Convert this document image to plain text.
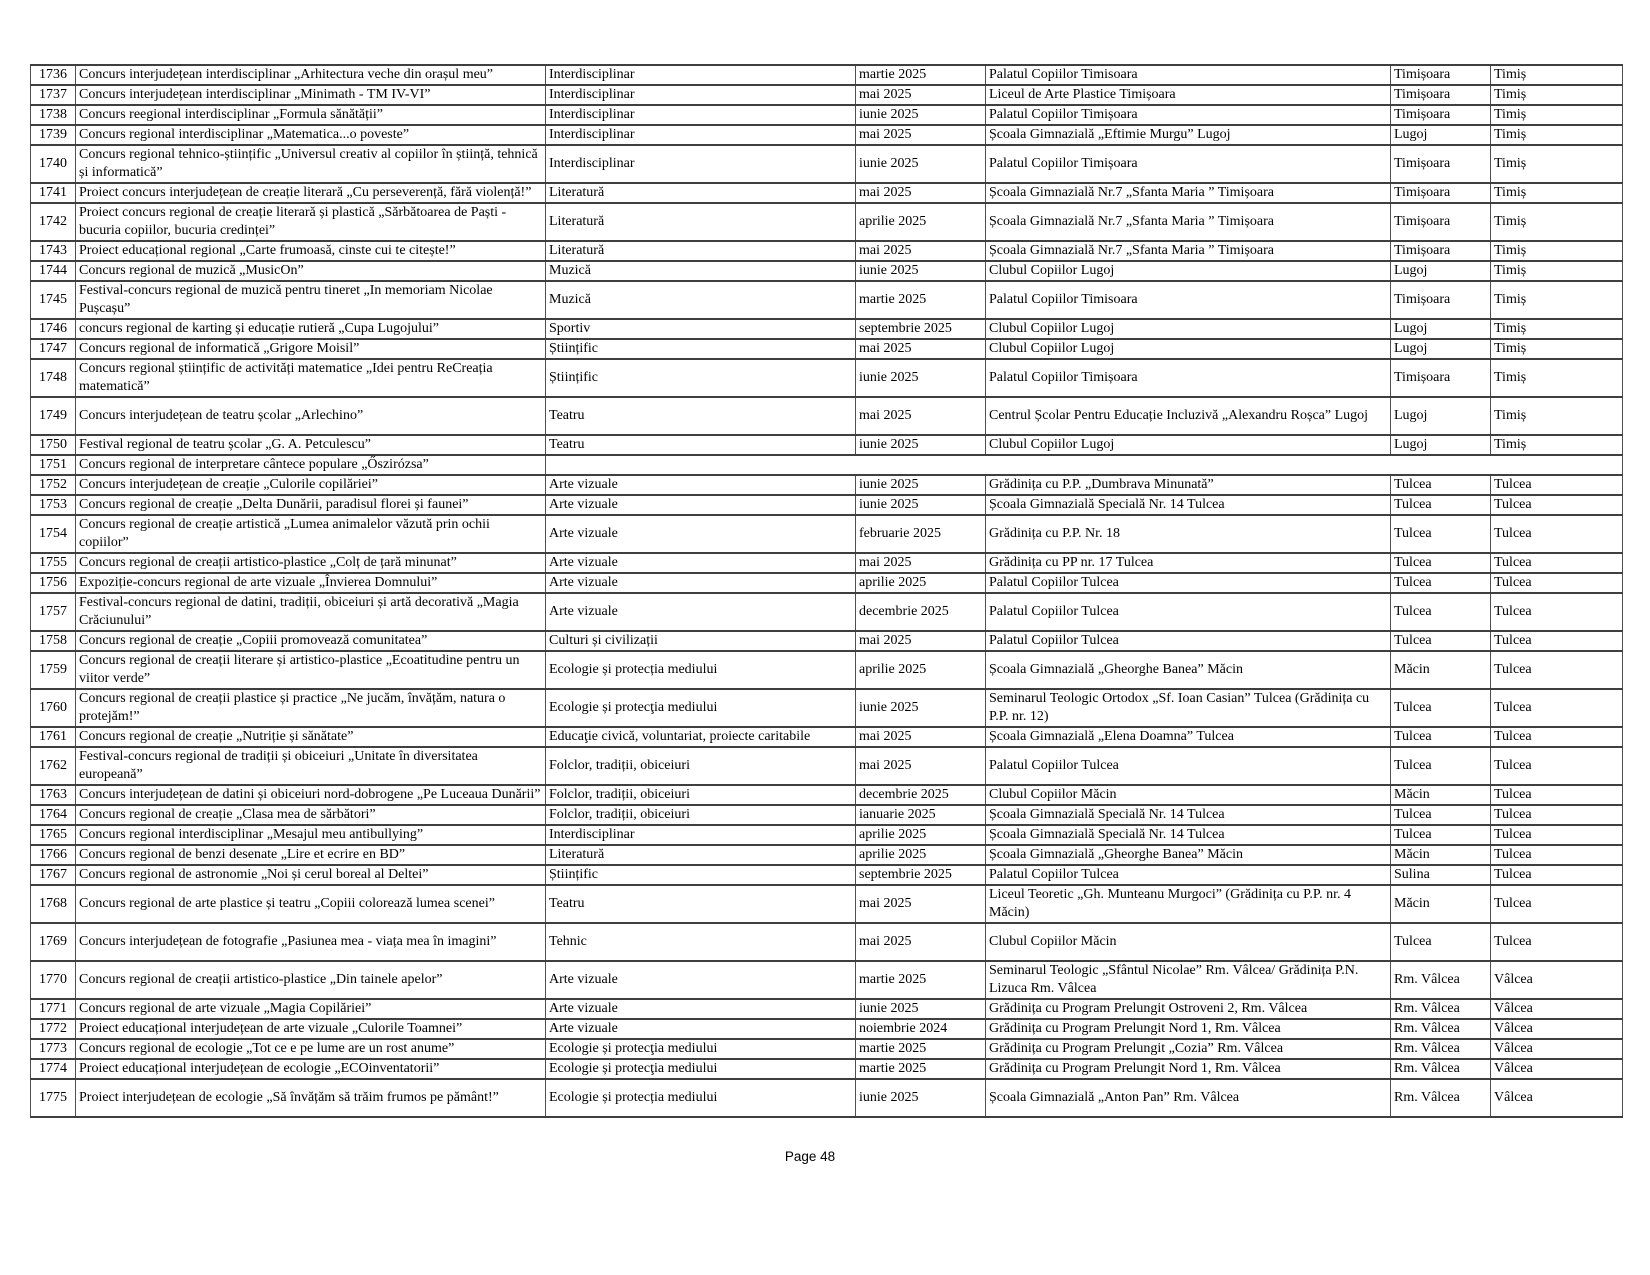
1736	Concurs interjudețean interdisciplinar „Arhitectura veche din orașul meu”	Interdisciplinar	martie 2025	Palatul Copiilor Timisoara	Timișoara	Timiș
1737	Concurs interjudețean interdisciplinar „Minimath - TM IV-VI”	Interdisciplinar	mai 2025	Liceul de Arte Plastice Timișoara	Timișoara	Timiș
1738	Concurs reegional interdisciplinar „Formula sănătății”	Interdisciplinar	iunie 2025	Palatul Copiilor Timișoara	Timișoara	Timiș
1739	Concurs regional interdisciplinar „Matematica...o poveste”	Interdisciplinar	mai 2025	Școala Gimnazială „Eftimie Murgu” Lugoj	Lugoj	Timiș
1740	Concurs regional tehnico-științific „Universul creativ al copiilor în știință, tehnică și informatică”	Interdisciplinar	iunie 2025	Palatul Copiilor Timișoara	Timișoara	Timiș
1741	Proiect concurs interjudețean de creație literară „Cu perseverență, fără violență!”	Literatură	mai 2025	Școala Gimnazială Nr.7 „Sfanta Maria ” Timișoara	Timișoara	Timiș
1742	Proiect concurs regional de creație literară și plastică „Sărbătoarea de Paști - bucuria copiilor, bucuria credinței”	Literatură	aprilie 2025	Școala Gimnazială Nr.7 „Sfanta Maria ” Timișoara	Timișoara	Timiș
1743	Proiect educațional regional „Carte frumoasă, cinste cui te citește!”	Literatură	mai 2025	Școala Gimnazială Nr.7 „Sfanta Maria ” Timișoara	Timișoara	Timiș
1744	Concurs regional de muzică „MusicOn”	Muzică	iunie 2025	Clubul Copiilor Lugoj	Lugoj	Timiș
1745	Festival-concurs regional de muzică pentru tineret „In memoriam Nicolae Pușcașu”	Muzică	martie 2025	Palatul Copiilor Timisoara	Timișoara	Timiș
1746	concurs regional de karting și educație rutieră „Cupa Lugojului”	Sportiv	septembrie 2025	Clubul Copiilor Lugoj	Lugoj	Timiș
1747	Concurs regional de informatică „Grigore Moisil”	Științific	mai 2025	Clubul Copiilor Lugoj	Lugoj	Timiș
1748	Concurs regional științific de activități matematice „Idei pentru ReCreația matematică”	Științific	iunie 2025	Palatul Copiilor Timișoara	Timișoara	Timiș
1749	Concurs interjudețean de teatru școlar „Arlechino”	Teatru	mai 2025	Centrul Școlar Pentru Educație Incluzivă „Alexandru Roșca” Lugoj	Lugoj	Timiș
1750	Festival regional de teatru școlar „G. A. Petculescu”	Teatru	iunie 2025	Clubul Copiilor Lugoj	Lugoj	Timiș
1751	Concurs regional de interpretare cântece populare „Őszirózsa”					
1752	Concurs interjudețean de creație „Culorile copilăriei”	Arte vizuale	iunie 2025	Grădinița cu P.P. „Dumbrava Minunată”	Tulcea	Tulcea
1753	Concurs regional de creație „Delta Dunării, paradisul florei și faunei”	Arte vizuale	iunie 2025	Școala Gimnazială Specială Nr. 14 Tulcea	Tulcea	Tulcea
1754	Concurs regional de creație artistică „Lumea animalelor văzută prin ochii copiilor”	Arte vizuale	februarie 2025	Grădinița cu P.P. Nr. 18	Tulcea	Tulcea
1755	Concurs regional de creații artistico-plastice „Colț de țară minunat”	Arte vizuale	mai 2025	Grădinița cu PP nr. 17 Tulcea	Tulcea	Tulcea
1756	Expoziție-concurs regional de arte vizuale „Învierea Domnului”	Arte vizuale	aprilie 2025	Palatul Copiilor Tulcea	Tulcea	Tulcea
1757	Festival-concurs regional de datini, tradiții, obiceiuri și artă decorativă „Magia Crăciunului”	Arte vizuale	decembrie 2025	Palatul Copiilor Tulcea	Tulcea	Tulcea
1758	Concurs regional de creație „Copiii promovează comunitatea”	Culturi și civilizații	mai 2025	Palatul Copiilor Tulcea	Tulcea	Tulcea
1759	Concurs regional de creații literare și artistico-plastice „Ecoatitudine pentru un viitor verde”	Ecologie și protecția mediului	aprilie 2025	Școala Gimnazială „Gheorghe Banea” Măcin	Măcin	Tulcea
1760	Concurs regional de creații plastice și practice „Ne jucăm, învățăm, natura o protejăm!”	Ecologie și protecţia mediului	iunie 2025	Seminarul Teologic Ortodox „Sf. Ioan Casian” Tulcea (Grădinița cu P.P. nr. 12)	Tulcea	Tulcea
1761	Concurs regional de creație „Nutriție și sănătate”	Educaţie civică, voluntariat, proiecte caritabile	mai 2025	Școala Gimnazială „Elena Doamna” Tulcea	Tulcea	Tulcea
1762	Festival-concurs regional de tradiții și obiceiuri „Unitate în diversitatea europeană”	Folclor, tradiții, obiceiuri	mai 2025	Palatul Copiilor Tulcea	Tulcea	Tulcea
1763	Concurs interjudețean de datini și obiceiuri nord-dobrogene „Pe Luceaua Dunării”	Folclor, tradiții, obiceiuri	decembrie 2025	Clubul Copiilor Măcin	Măcin	Tulcea
1764	Concurs regional de creație „Clasa mea de sărbători”	Folclor, tradiții, obiceiuri	ianuarie 2025	Școala Gimnazială Specială Nr. 14 Tulcea	Tulcea	Tulcea
1765	Concurs regional interdisciplinar „Mesajul meu antibullying”	Interdisciplinar	aprilie 2025	Școala Gimnazială Specială Nr. 14 Tulcea	Tulcea	Tulcea
1766	Concurs regional de benzi desenate „Lire et ecrire en BD”	Literatură	aprilie 2025	Școala Gimnazială „Gheorghe Banea” Măcin	Măcin	Tulcea
1767	Concurs regional de astronomie „Noi și cerul boreal al Deltei”	Științific	septembrie 2025	Palatul Copiilor Tulcea	Sulina	Tulcea
1768	Concurs regional de arte plastice și teatru „Copiii colorează lumea scenei”	Teatru	mai 2025	Liceul Teoretic „Gh. Munteanu Murgoci” (Grădinița cu P.P. nr. 4 Măcin)	Măcin	Tulcea
1769	Concurs interjudețean de fotografie „Pasiunea mea - viața mea în imagini”	Tehnic	mai 2025	Clubul Copiilor Măcin	Tulcea	Tulcea
1770	Concurs regional de creații artistico-plastice „Din tainele apelor”	Arte vizuale	martie 2025	Seminarul Teologic „Sfântul Nicolae” Rm. Vâlcea/ Grădinița P.N. Lizuca Rm. Vâlcea	Rm. Vâlcea	Vâlcea
1771	Concurs regional de arte vizuale „Magia Copilăriei”	Arte vizuale	iunie 2025	Grădinița cu Program Prelungit Ostroveni 2, Rm. Vâlcea	Rm. Vâlcea	Vâlcea
1772	Proiect educațional interjudețean de arte vizuale „Culorile Toamnei”	Arte vizuale	noiembrie 2024	Grădinița cu Program Prelungit Nord 1, Rm. Vâlcea	Rm. Vâlcea	Vâlcea
1773	Concurs regional de ecologie „Tot ce e pe lume are un rost anume”	Ecologie și protecţia mediului	martie 2025	Grădinița cu Program Prelungit „Cozia” Rm. Vâlcea	Rm. Vâlcea	Vâlcea
1774	Proiect educațional interjudețean de ecologie „ECOinventatorii”	Ecologie și protecţia mediului	martie 2025	Grădinița cu Program Prelungit Nord 1, Rm. Vâlcea	Rm. Vâlcea	Vâlcea
1775	Proiect interjudețean de ecologie „Să învățăm să trăim frumos pe pământ!”	Ecologie și protecția mediului	iunie 2025	Școala Gimnazială „Anton Pan” Rm. Vâlcea	Rm. Vâlcea	Vâlcea
Page 48
